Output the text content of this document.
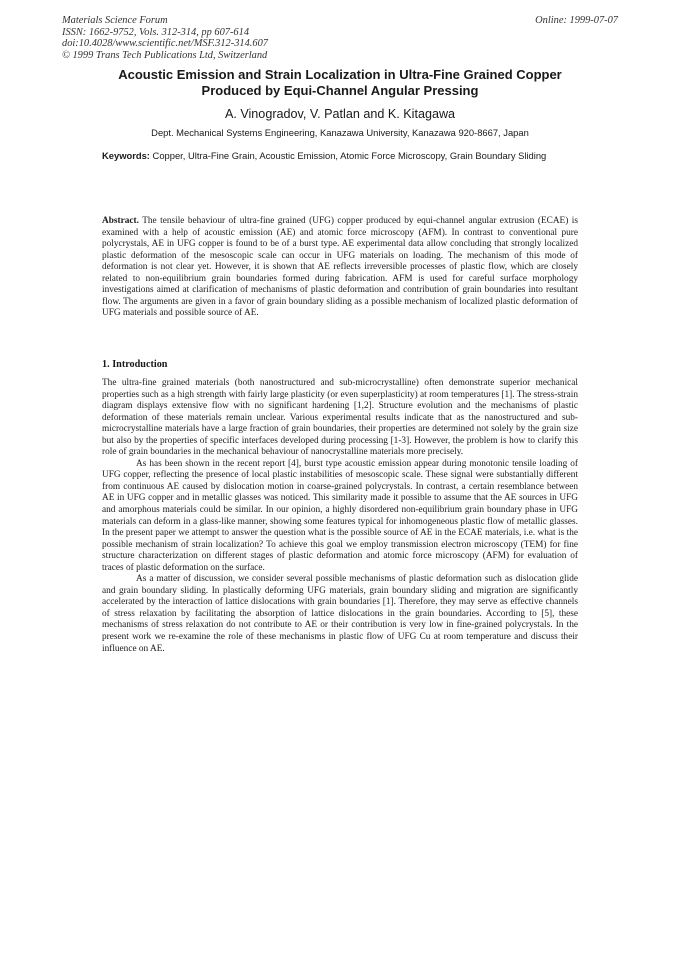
Materials Science Forum
ISSN: 1662-9752, Vols. 312-314, pp 607-614
doi:10.4028/www.scientific.net/MSF.312-314.607
© 1999 Trans Tech Publications Ltd, Switzerland
Online: 1999-07-07
Acoustic Emission and Strain Localization in Ultra-Fine Grained Copper
Produced by Equi-Channel Angular Pressing
A. Vinogradov, V. Patlan and K. Kitagawa
Dept. Mechanical Systems Engineering, Kanazawa University, Kanazawa 920-8667, Japan
Keywords: Copper, Ultra-Fine Grain, Acoustic Emission, Atomic Force Microscopy, Grain Boundary Sliding
Abstract. The tensile behaviour of ultra-fine grained (UFG) copper produced by equi-channel angular extrusion (ECAE) is examined with a help of acoustic emission (AE) and atomic force microscopy (AFM). In contrast to conventional pure polycrystals, AE in UFG copper is found to be of a burst type. AE experimental data allow concluding that strongly localized plastic deformation of the mesoscopic scale can occur in UFG materials on loading. The mechanism of this mode of deformation is not clear yet. However, it is shown that AE reflects irreversible processes of plastic flow, which are closely related to non-equilibrium grain boundaries formed during fabrication. AFM is used for careful surface morphology investigations aimed at clarification of mechanisms of plastic deformation and contribution of grain boundaries into resultant flow. The arguments are given in a favor of grain boundary sliding as a possible mechanism of localized plastic deformation of UFG materials and possible source of AE.
1. Introduction

The ultra-fine grained materials (both nanostructured and sub-microcrystalline) often demonstrate superior mechanical properties such as a high strength with fairly large plasticity (or even superplasticity) at room temperatures [1]. The stress-strain diagram displays extensive flow with no significant hardening [1,2]. Structure evolution and the mechanisms of plastic deformation of these materials remain unclear. Various experimental results indicate that as the nanostructured and sub-microcrystalline materials have a large fraction of grain boundaries, their properties are determined not solely by the grain size but also by the properties of specific interfaces developed during processing [1-3]. However, the problem is how to clarify this role of grain boundaries in the mechanical behaviour of nanocrystalline materials more precisely.

As has been shown in the recent report [4], burst type acoustic emission appear during monotonic tensile loading of UFG copper, reflecting the presence of local plastic instabilities of mesoscopic scale. These signal were substantially different from continuous AE caused by dislocation motion in coarse-grained polycrystals. In contrast, a certain resemblance between AE in UFG copper and in metallic glasses was noticed. This similarity made it possible to assume that the AE sources in UFG and amorphous materials could be similar. In our opinion, a highly disordered non-equilibrium grain boundary phase in UFG materials can deform in a glass-like manner, showing some features typical for inhomogeneous plastic flow of metallic glasses. In the present paper we attempt to answer the question what is the possible source of AE in the ECAE materials, i.e. what is the possible mechanism of strain localization? To achieve this goal we employ transmission electron microscopy (TEM) for fine structure characterization on different stages of plastic deformation and atomic force microscopy (AFM) for evaluation of traces of plastic deformation on the surface.

As a matter of discussion, we consider several possible mechanisms of plastic deformation such as dislocation glide and grain boundary sliding. In plastically deforming UFG materials, grain boundary sliding and migration are significantly accelerated by the interaction of lattice dislocations with grain boundaries [1]. Therefore, they may serve as effective channels of stress relaxation by facilitating the absorption of lattice dislocations in the grain boundaries. According to [5], these mechanisms of stress relaxation do not contribute to AE or their contribution is very low in fine-grained polycrystals. In the present work we re-examine the role of these mechanisms in plastic flow of UFG Cu at room temperature and discuss their influence on AE.
